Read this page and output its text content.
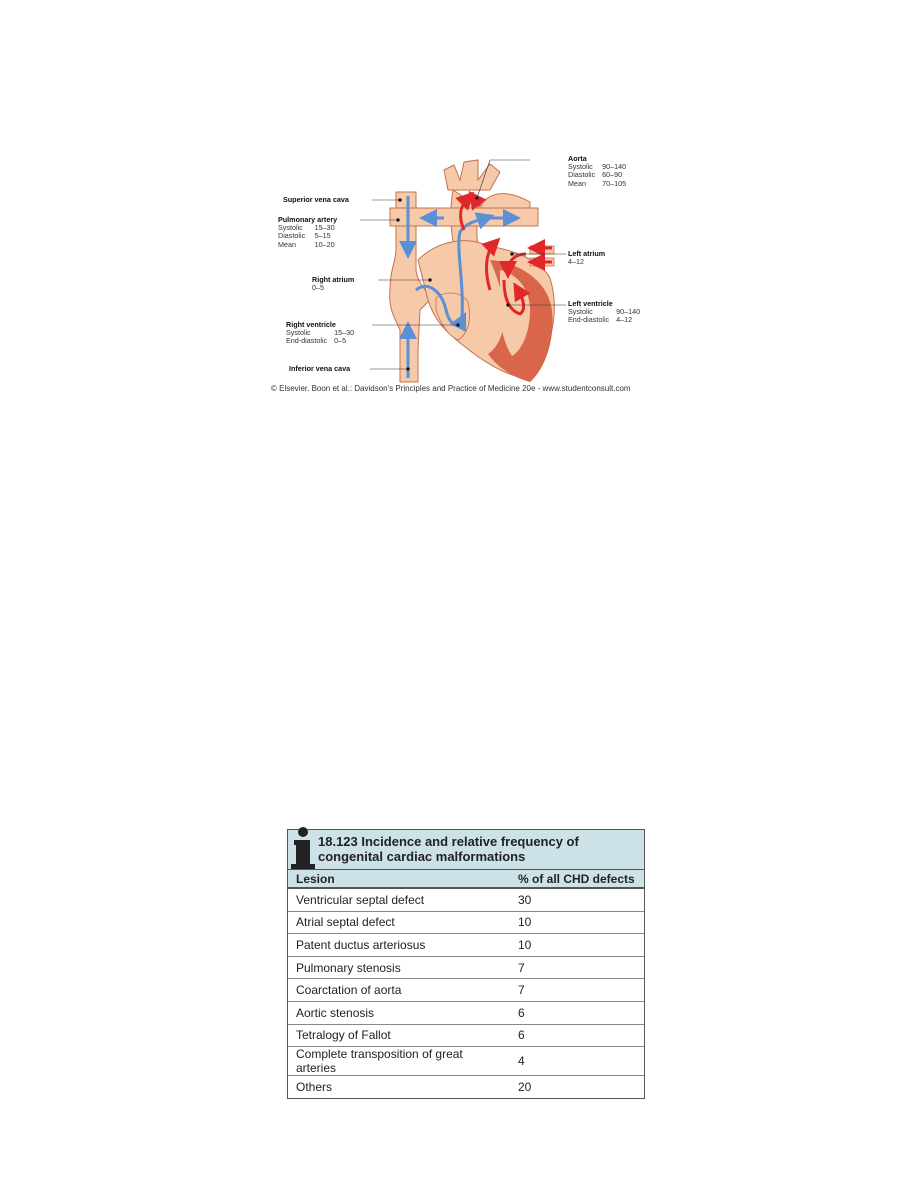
Aorta
Systolic	90–140
Diastolic 60–90
Mean	70–105
Superior vena cava
Pulmonary artery
Systolic	15–30
Diastolic	5–15
Mean	10–20
Right atrium
0–5
Right ventricle
Systolic	15–30
End-diastolic 0–5
Inferior vena cava
Left atrium
4–12
Left ventricle
Systolic	90–140
End-diastolic 4–12
© Elsevier. Boon et al.: Davidson's Principles and Practice of Medicine 20e - www.studentconsult.com
18.123 Incidence and relative frequency of
congenital cardiac malformations
Lesion	% of all CHD defects
Ventricular septal defect	30
Atrial septal defect	10
Patent ductus arteriosus	10
Pulmonary stenosis	7
Coarctation of aorta	7
Aortic stenosis	6
Tetralogy of Fallot	6
Complete transposition of great arteries	4
Others	20
